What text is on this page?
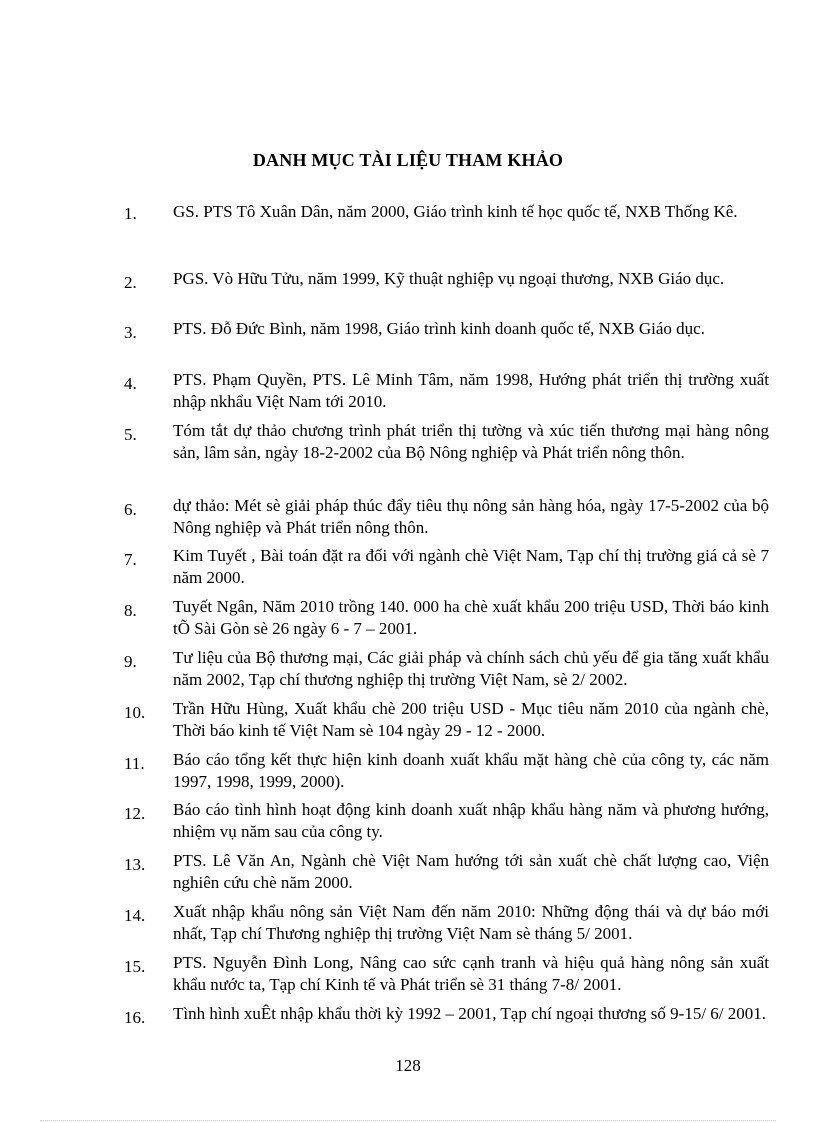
DANH MỤC TÀI LIỆU THAM KHẢO
1. GS. PTS Tô Xuân Dân, năm 2000, Giáo trình kinh tế học quốc tế, NXB Thống Kê.
2. PGS. Vò Hữu Tửu, năm 1999, Kỹ thuật nghiệp vụ ngoại thương, NXB Giáo dục.
3. PTS. Đỗ Đức Bình, năm 1998, Giáo trình kinh doanh quốc tế, NXB Giáo dục.
4. PTS. Phạm Quyền, PTS. Lê Minh Tâm, năm 1998, Hướng phát triển thị trường xuất nhập nkhẩu Việt Nam tới 2010.
5. Tóm tắt dự thảo chương trình phát triển thị tường và xúc tiến thương mại hàng nông sản, lâm sản, ngày 18-2-2002 của Bộ Nông nghiệp và Phát triển nông thôn.
6. dự thảo: Mét sè giải pháp thúc đẩy tiêu thụ nông sản hàng hóa, ngày 17-5-2002 của bộ Nông nghiệp và Phát triển nông thôn.
7. Kim Tuyết , Bài toán đặt ra đối với ngành chè Việt Nam, Tạp chí thị trường giá cả sè 7 năm 2000.
8. Tuyết Ngân, Năm 2010 trồng 140. 000 ha chè xuất khẩu 200 triệu USD, Thời báo kinh tÕ Sài Gòn sè 26 ngày 6 - 7 – 2001.
9. Tư liệu của Bộ thương mại, Các giải pháp và chính sách chủ yếu để gia tăng xuất khẩu năm 2002, Tạp chí thương nghiệp thị trường Việt Nam, sè 2/ 2002.
10. Trần Hữu Hùng, Xuất khẩu chè 200 triệu USD - Mục tiêu năm 2010 của ngành chè, Thời báo kinh tế Việt Nam sè 104 ngày 29 - 12 - 2000.
11. Báo cáo tổng kết thực hiện kinh doanh xuất khẩu mặt hàng chè của công ty, các năm 1997, 1998, 1999, 2000).
12. Báo cáo tình hình hoạt động kinh doanh xuất nhập khẩu hàng năm và phương hướng, nhiệm vụ năm sau của công ty.
13. PTS. Lê Văn An, Ngành chè Việt Nam hướng tới sản xuất chè chất lượng cao, Viện nghiên cứu chè năm 2000.
14. Xuất nhập khẩu nông sản Việt Nam đến năm 2010: Những động thái và dự báo mới nhất, Tạp chí Thương nghiệp thị trường Việt Nam sè tháng 5/ 2001.
15. PTS. Nguyễn Đình Long, Nâng cao sức cạnh tranh và hiệu quả hàng nông sản xuất khẩu nước ta, Tạp chí Kinh tế và Phát triển sè 31 tháng 7-8/ 2001.
16. Tình hình xuÊt nhập khẩu thời kỳ 1992 – 2001, Tạp chí ngoại thương số 9-15/ 6/ 2001.
128
